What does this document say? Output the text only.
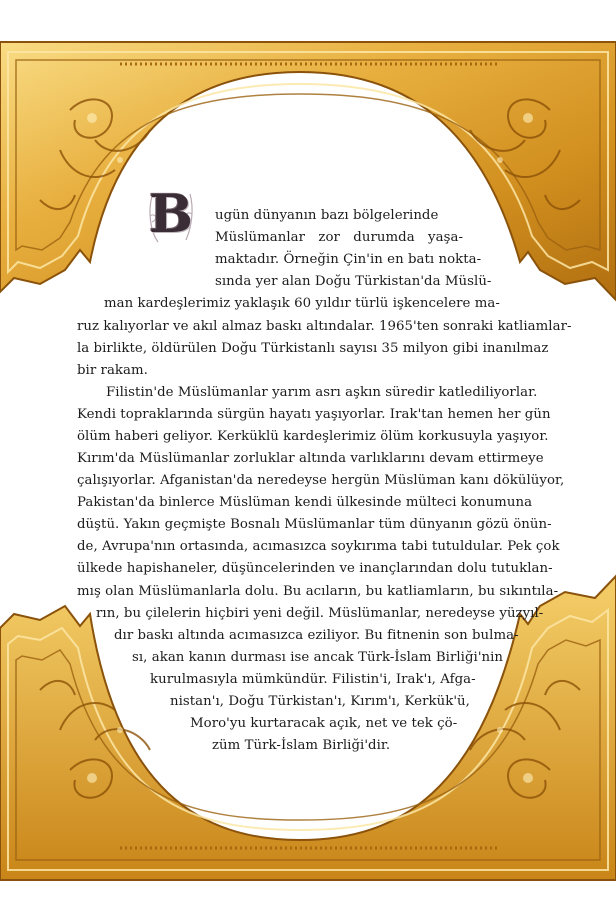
B ugün dünyanın bazı bölgelerinde
Müslümanlar zor durumda yaşa-
maktadır. Örneğin Çin'in en batı nokta-
sında yer alan Doğu Türkistan'da Müslü-
man kardeşlerimiz yaklaşık 60 yıldır türlü işkencelere ma-
ruz kalıyorlar ve akıl almaz baskı altındalar. 1965'ten sonraki katliamlar-
la birlikte, öldürülen Doğu Türkistanlı sayısı 35 milyon gibi inanılmaz
bir rakam.
Filistin'de Müslümanlar yarım asrı aşkın süredir katlediliyorlar.
Kendi topraklarında sürgün hayatı yaşıyorlar. Irak'tan hemen her gün
ölüm haberi geliyor. Kerküklü kardeşlerimiz ölüm korkusuyla yaşıyor.
Kırım'da Müslümanlar zorluklar altında varlıklarını devam ettirmeye
çalışıyorlar. Afganistan'da neredeyse hergün Müslüman kanı dökülüyor,
Pakistan'da binlerce Müslüman kendi ülkesinde mülteci konumuna
düştü. Yakın geçmişte Bosnalı Müslümanlar tüm dünyanın gözü önün-
de, Avrupa'nın ortasında, acımasızca soykırıma tabi tutuldular. Pek çok
ülkede hapishaneler, düşüncelerinden ve inançlarından dolu tutuklan-
mış olan Müslümanlarla dolu. Bu acıların, bu katliamların, bu sıkıntıla-
rın, bu çilelerin hiçbiri yeni değil. Müslümanlar, neredeyse yüzyıl-
dır baskı altında acımasızca eziliyor. Bu fitnenin son bulma-
sı, akan kanın durması ise ancak Türk-İslam Birliği'nin
kurulmasıyla mümkündür. Filistin'i, Irak'ı, Afga-
nistan'ı, Doğu Türkistan'ı, Kırım'ı, Kerkük'ü,
Moro'yu kurtaracak açık, net ve tek çö-
züm Türk-İslam Birliği'dir.
